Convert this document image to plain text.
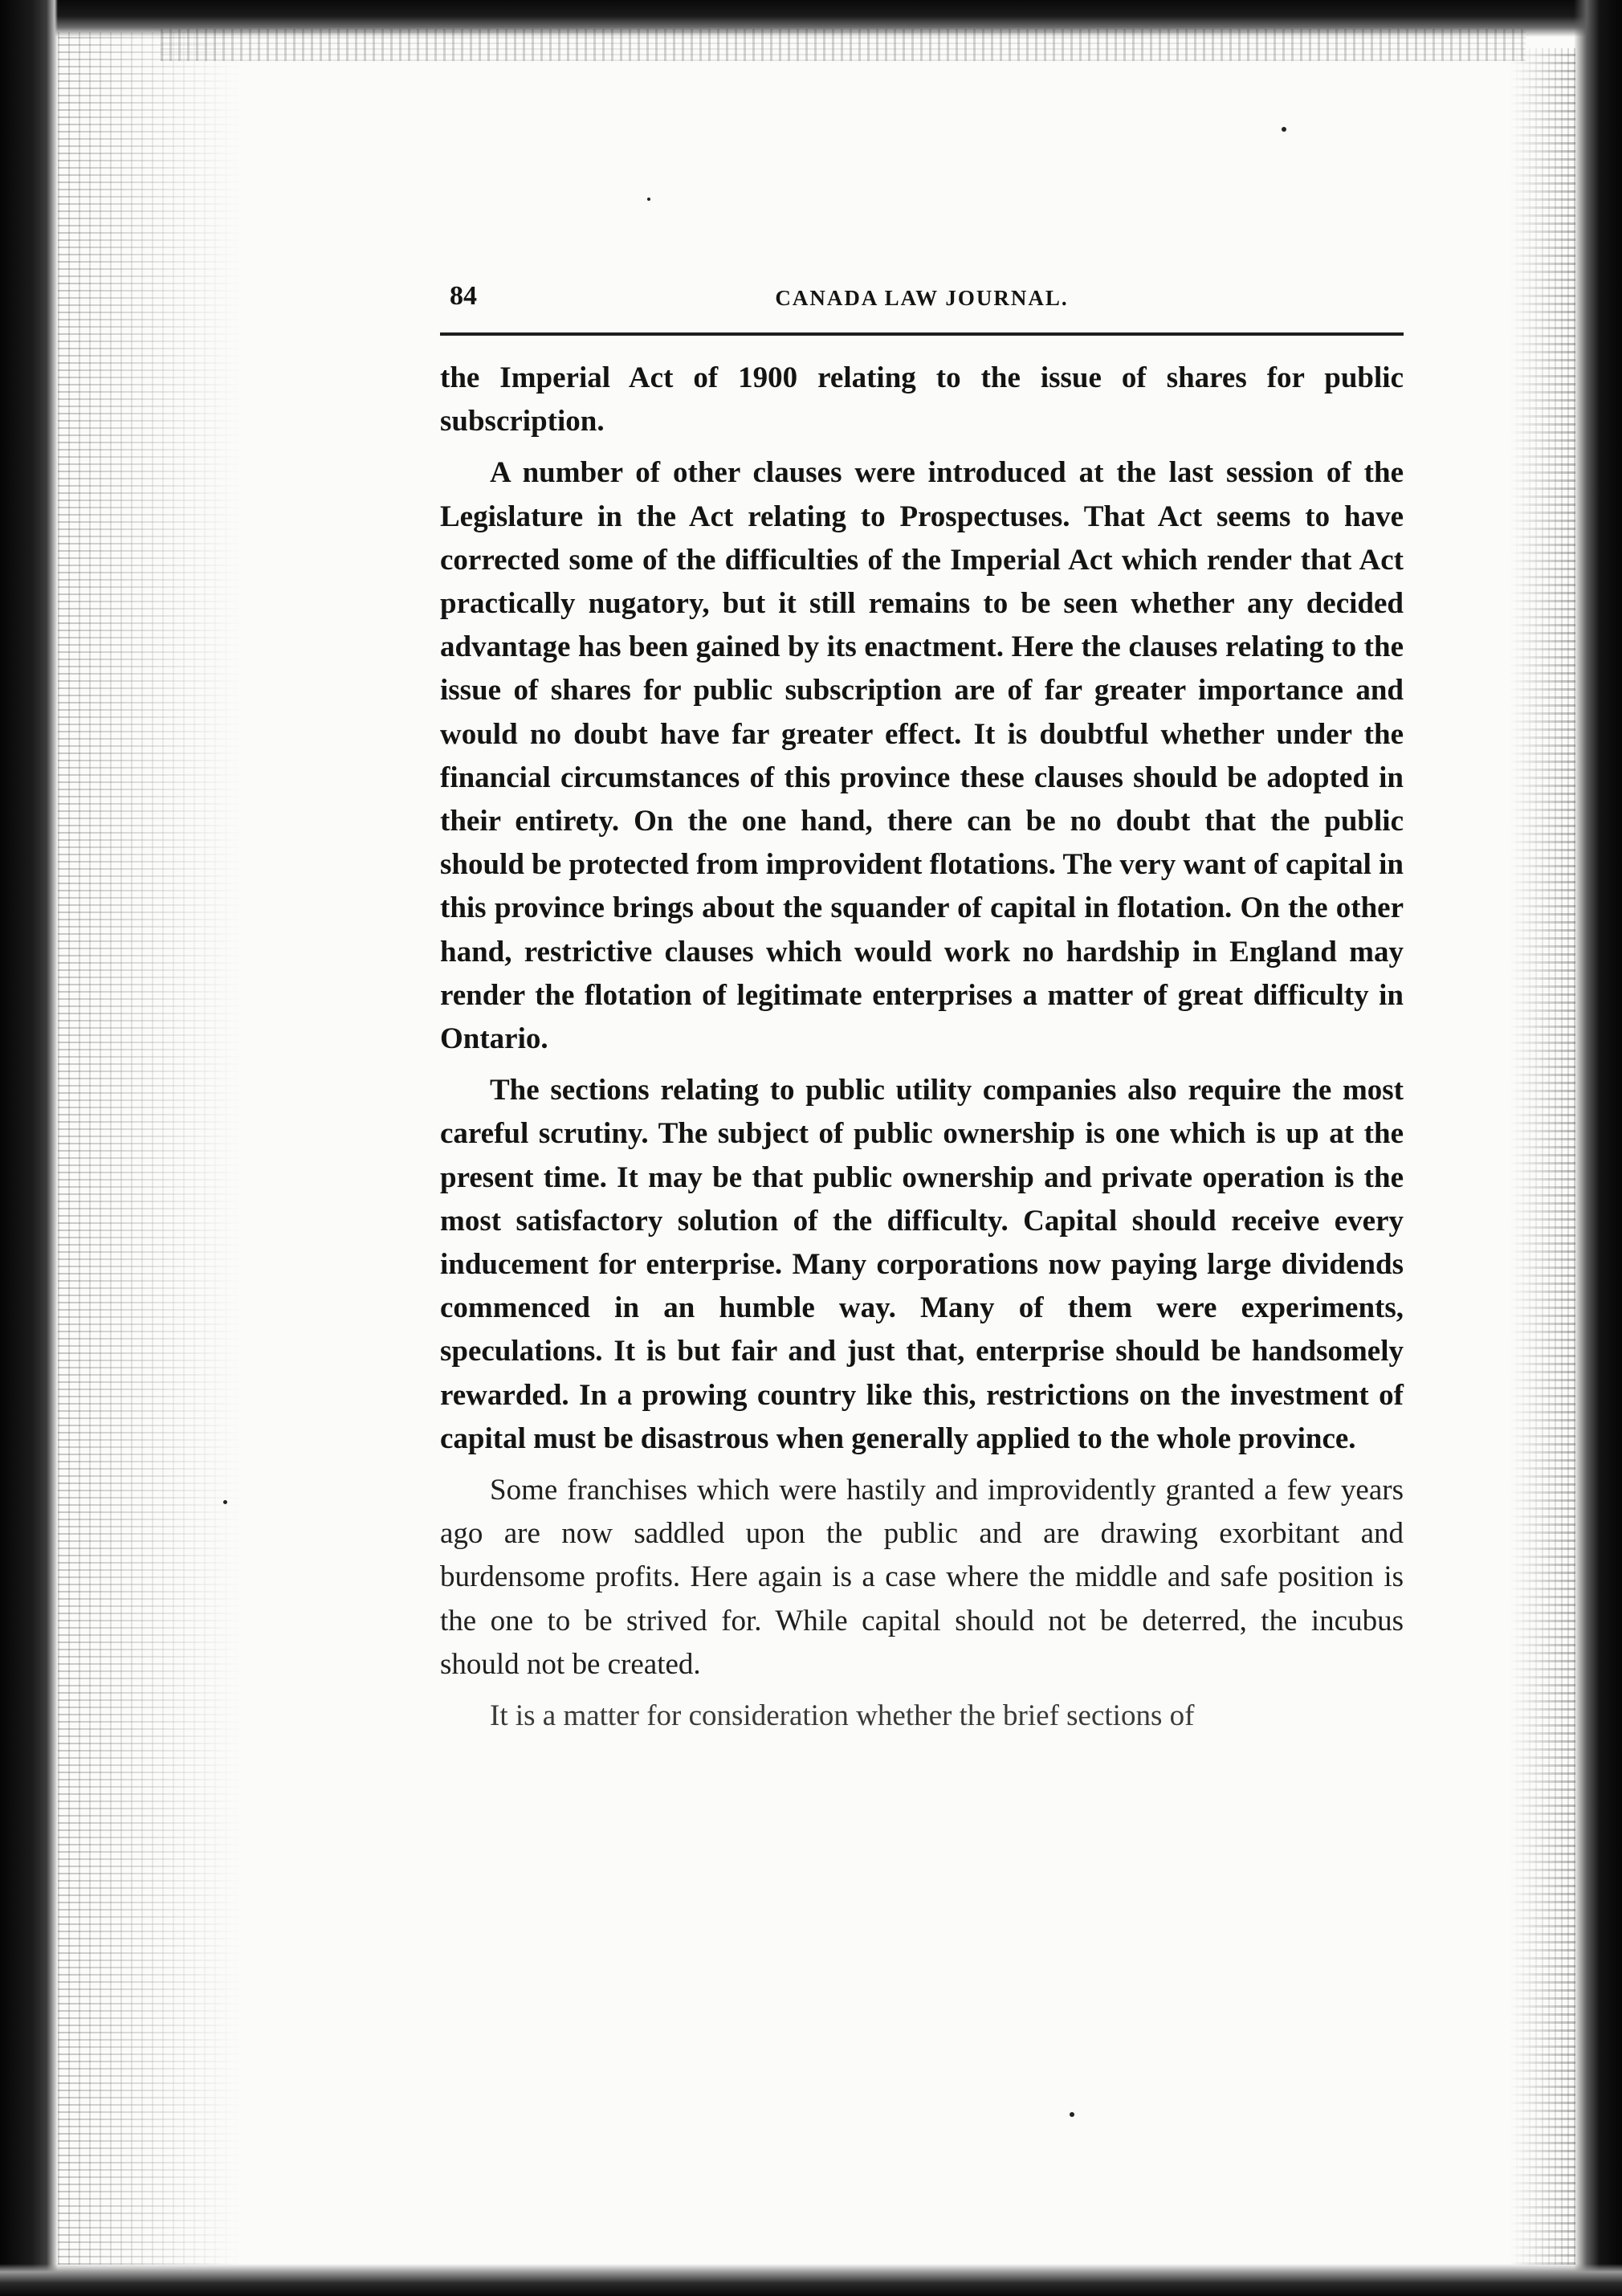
84	CANADA LAW JOURNAL.

the Imperial Act of 1900 relating to the issue of shares for public subscription.

A number of other clauses were introduced at the last session of the Legislature in the Act relating to Prospectuses. That Act seems to have corrected some of the difficulties of the Imperial Act which render that Act practically nugatory, but it still remains to be seen whether any decided advantage has been gained by its enactment. Here the clauses relating to the issue of shares for public subscription are of far greater importance and would no doubt have far greater effect. It is doubtful whether under the financial circumstances of this province these clauses should be adopted in their entirety. On the one hand, there can be no doubt that the public should be protected from improvident flotations. The very want of capital in this province brings about the squander of capital in flotation. On the other hand, restrictive clauses which would work no hardship in England may render the flotation of legitimate enterprises a matter of great difficulty in Ontario.

The sections relating to public utility companies also require the most careful scrutiny. The subject of public ownership is one which is up at the present time. It may be that public ownership and private operation is the most satisfactory solution of the difficulty. Capital should receive every inducement for enterprise. Many corporations now paying large dividends commenced in an humble way. Many of them were experiments, speculations. It is but fair and just that, enterprise should be handsomely rewarded. In a prowing country like this, restrictions on the investment of capital must be disastrous when generally applied to the whole province.

Some franchises which were hastily and improvidently granted a few years ago are now saddled upon the public and are drawing exorbitant and burdensome profits. Here again is a case where the middle and safe position is the one to be strived for. While capital should not be deterred, the incubus should not be created.

It is a matter for consideration whether the brief sections of
